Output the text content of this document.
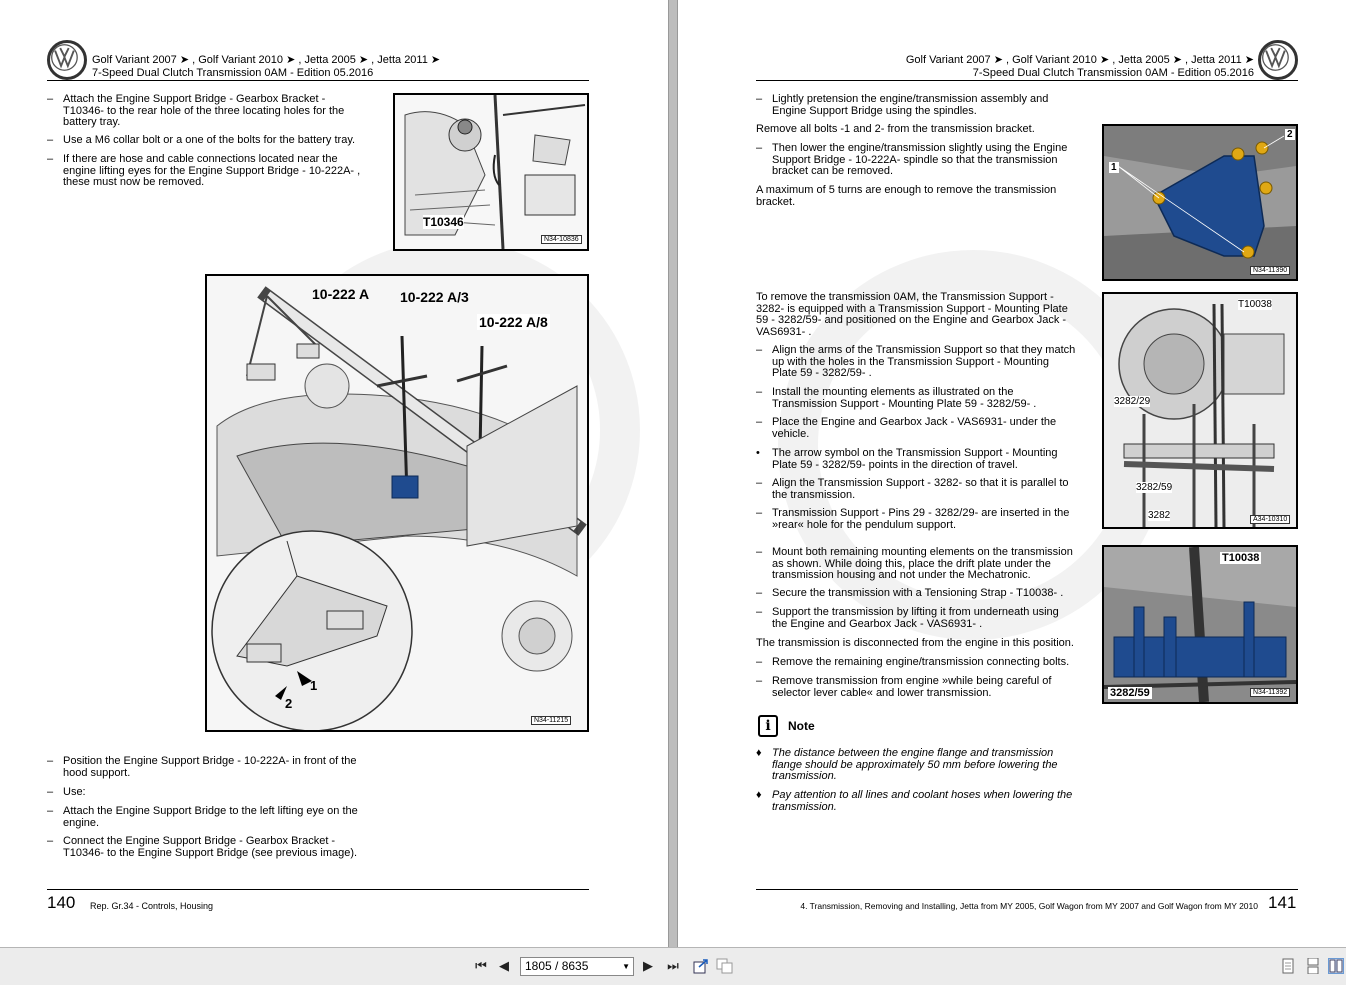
Golf Variant 2007 ➤ , Golf Variant 2010 ➤ , Jetta 2005 ➤ , Jetta 2011 ➤
7-Speed Dual Clutch Transmission 0AM - Edition 05.2016
– Attach the Engine Support Bridge - Gearbox Bracket - T10346- to the rear hole of the three locating holes for the battery tray.
– Use a M6 collar bolt or a one of the bolts for the battery tray.
– If there are hose and cable connections located near the engine lifting eyes for the Engine Support Bridge - 10-222A- , these must now be removed.
T10346
N34-10836
10-222 A 10-222 A/3
10-222 A/8
1
2
N34-11215
– Position the Engine Support Bridge - 10-222A- in front of the hood support.
– Use:
– Attach the Engine Support Bridge to the left lifting eye on the engine.
– Connect the Engine Support Bridge - Gearbox Bracket - T10346- to the Engine Support Bridge (see previous image).
140 Rep. Gr.34 - Controls, Housing
Golf Variant 2007 ➤ , Golf Variant 2010 ➤ , Jetta 2005 ➤ , Jetta 2011 ➤
7-Speed Dual Clutch Transmission 0AM - Edition 05.2016
– Lightly pretension the engine/transmission assembly and Engine Support Bridge using the spindles.
Remove all bolts -1 and 2- from the transmission bracket.
– Then lower the engine/transmission slightly using the Engine Support Bridge - 10-222A- spindle so that the transmission bracket can be removed.
A maximum of 5 turns are enough to remove the transmission bracket.
To remove the transmission 0AM, the Transmission Support - 3282- is equipped with a Transmission Support - Mounting Plate 59 - 3282/59- and positioned on the Engine and Gearbox Jack - VAS6931- .
– Align the arms of the Transmission Support so that they match up with the holes in the Transmission Support - Mounting Plate 59 - 3282/59- .
– Install the mounting elements as illustrated on the Transmission Support - Mounting Plate 59 - 3282/59- .
– Place the Engine and Gearbox Jack - VAS6931- under the vehicle.
• The arrow symbol on the Transmission Support - Mounting Plate 59 - 3282/59- points in the direction of travel.
– Align the Transmission Support - 3282- so that it is parallel to the transmission.
– Transmission Support - Pins 29 - 3282/29- are inserted in the »rear« hole for the pendulum support.
– Mount both remaining mounting elements on the transmission as shown. While doing this, place the drift plate under the transmission housing and not under the Mechatronic.
– Secure the transmission with a Tensioning Strap - T10038- .
– Support the transmission by lifting it from underneath using the Engine and Gearbox Jack - VAS6931- .
The transmission is disconnected from the engine in this position.
– Remove the remaining engine/transmission connecting bolts.
– Remove transmission from engine »while being careful of selector lever cable« and lower transmission.
i	Note
♦ The distance between the engine flange and transmission flange should be approximately 50 mm before lowering the transmission.
♦ Pay attention to all lines and coolant hoses when lowering the transmission.
1
2
N34-11390
T10038
3282/29
3282/59
3282	A34-10310
T10038
3282/59	N34-11392
4. Transmission, Removing and Installing, Jetta from MY 2005, Golf Wagon from MY 2007 and Golf Wagon from MY 2010 141
⏮ ◀	1805 / 8635	▼ ▶ ⏭
